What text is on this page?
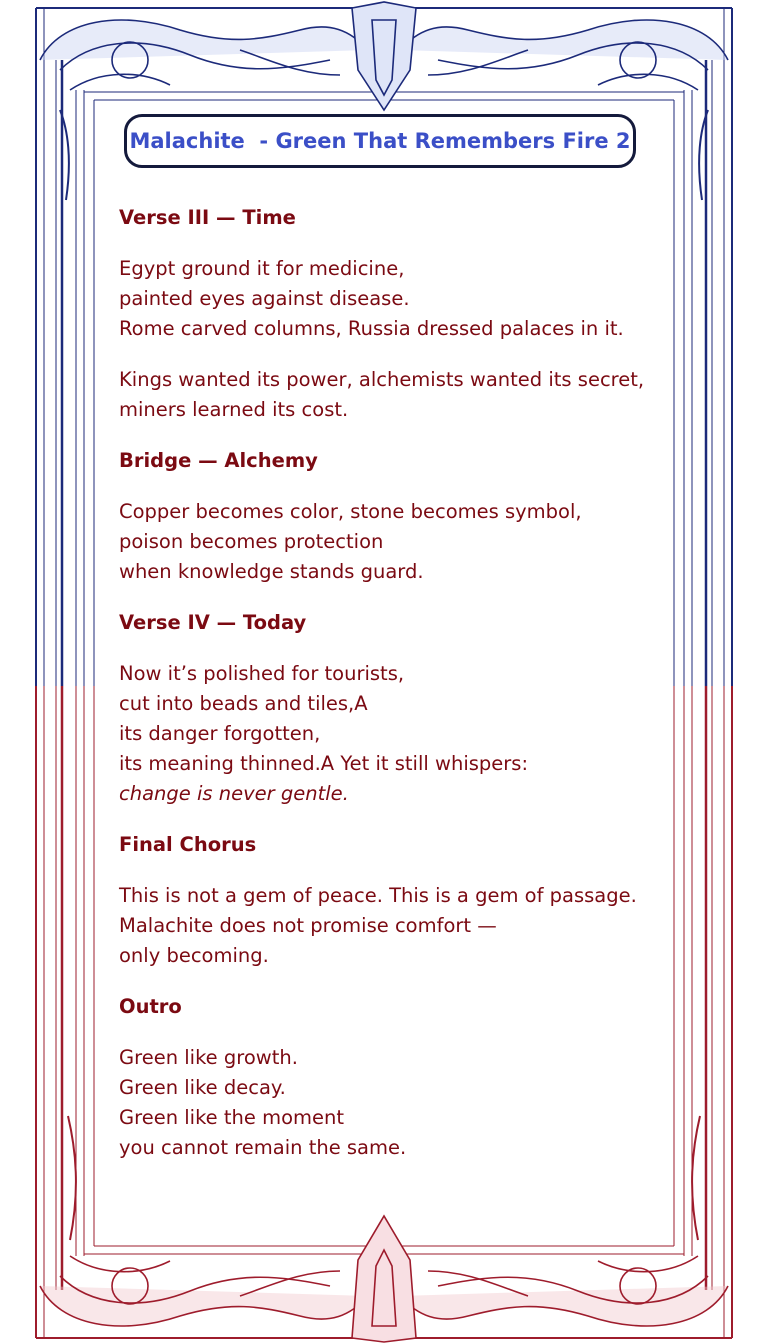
Malachite  - Green That Remembers Fire 2
Verse III — Time
Egypt ground it for medicine,
painted eyes against disease.
Rome carved columns, Russia dressed palaces in it.
Kings wanted its power, alchemists wanted its secret,
miners learned its cost.
Bridge — Alchemy
Copper becomes color, stone becomes symbol,
poison becomes protection
when knowledge stands guard.
Verse IV — Today
Now it’s polished for tourists,
cut into beads and tiles,A
its danger forgotten,
its meaning thinned.A Yet it still whispers:
change is never gentle.
Final Chorus
This is not a gem of peace. This is a gem of passage.
Malachite does not promise comfort —
only becoming.
Outro
Green like growth.
Green like decay.
Green like the moment
you cannot remain the same.
